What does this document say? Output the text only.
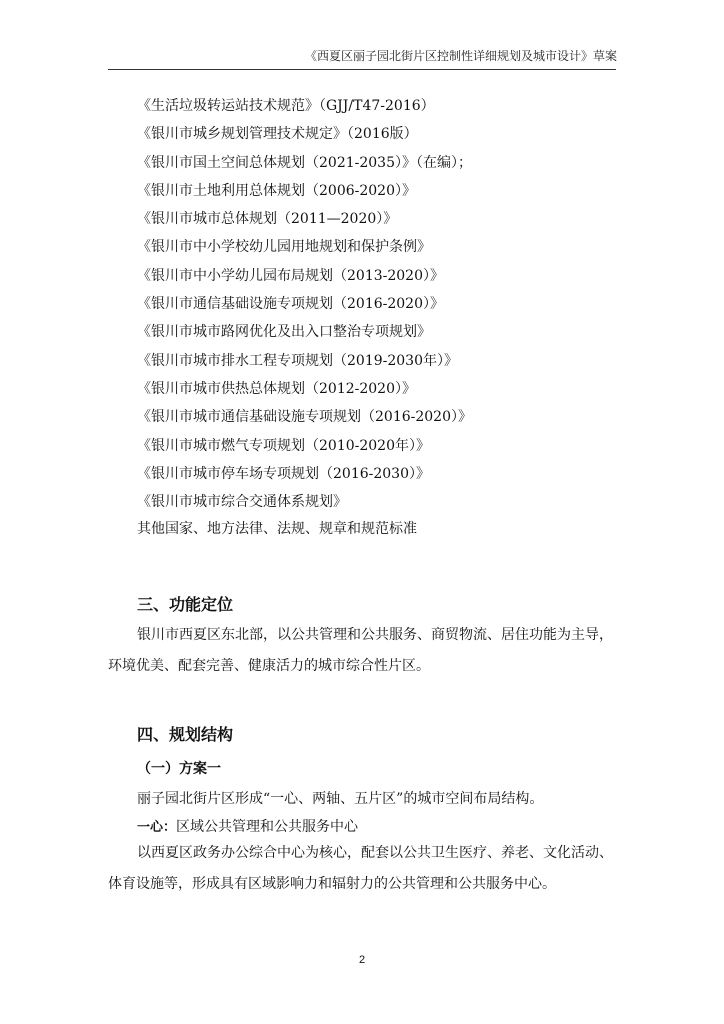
《西夏区丽子园北街片区控制性详细规划及城市设计》草案
《生活垃圾转运站技术规范》（GJJ/T47-2016）
《银川市城乡规划管理技术规定》（2016版）
《银川市国土空间总体规划（2021-2035）》（在编）；
《银川市土地利用总体规划（2006-2020）》
《银川市城市总体规划（2011—2020）》
《银川市中小学校幼儿园用地规划和保护条例》
《银川市中小学幼儿园布局规划（2013-2020）》
《银川市通信基础设施专项规划（2016-2020）》
《银川市城市路网优化及出入口整治专项规划》
《银川市城市排水工程专项规划（2019-2030年）》
《银川市城市供热总体规划（2012-2020）》
《银川市城市通信基础设施专项规划（2016-2020）》
《银川市城市燃气专项规划（2010-2020年）》
《银川市城市停车场专项规划（2016-2030）》
《银川市城市综合交通体系规划》
其他国家、地方法律、法规、规章和规范标准
三、功能定位

银川市西夏区东北部，以公共管理和公共服务、商贸物流、居住功能为主导，环境优美、配套完善、健康活力的城市综合性片区。

四、规划结构
（一）方案一
丽子园北街片区形成“一心、两轴、五片区”的城市空间布局结构。
一心：区域公共管理和公共服务中心

以西夏区政务办公综合中心为核心，配套以公共卫生医疗、养老、文化活动、体育设施等，形成具有区域影响力和辐射力的公共管理和公共服务中心。

2
